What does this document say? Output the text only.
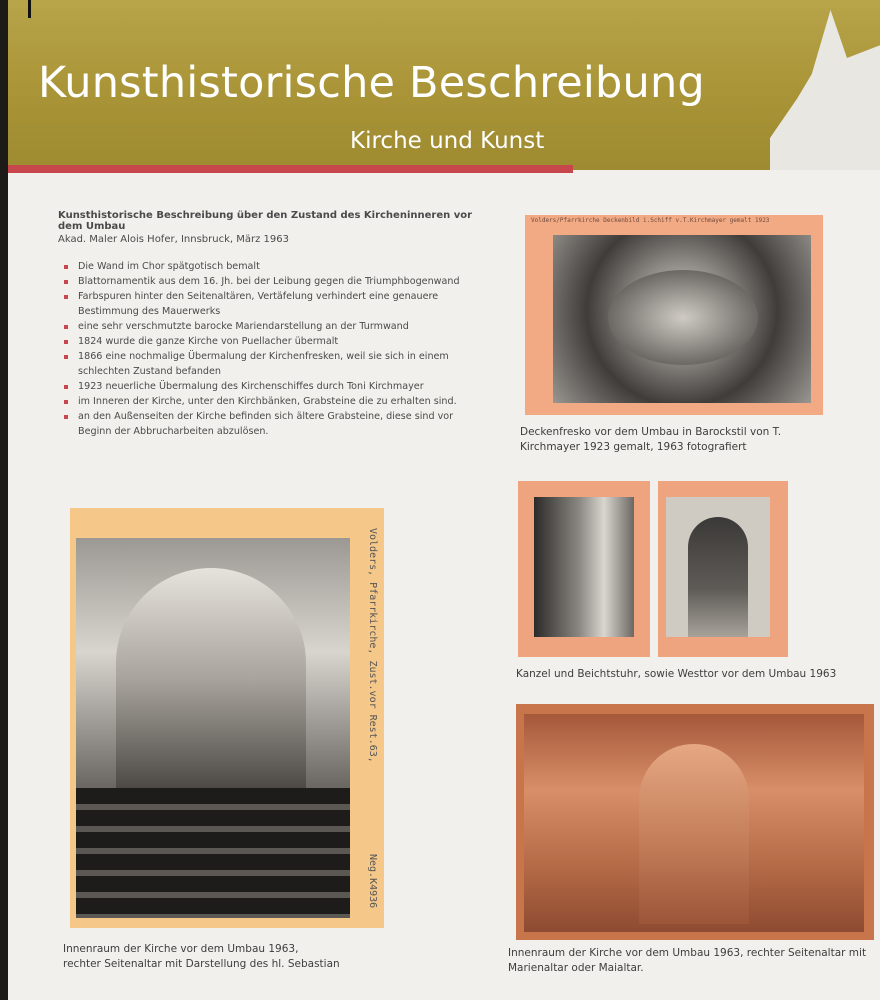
Kunsthistorische Beschreibung
Kirche und Kunst

Kunsthistorische Beschreibung über den Zustand des Kircheninneren vor dem Umbau

Akad. Maler Alois Hofer, Innsbruck, März 1963

Die Wand im Chor spätgotisch bemalt
Blattornamentik aus dem 16. Jh. bei der Leibung gegen die Triumphbogenwand
Farbspuren hinter den Seitenaltären, Vertäfelung verhindert eine genauere Bestimmung des Mauerwerks
eine sehr verschmutzte barocke Mariendarstellung an der Turmwand
1824 wurde die ganze Kirche von Puellacher übermalt
1866 eine nochmalige Übermalung der Kirchenfresken, weil sie sich in einem schlechten Zustand befanden
1923 neuerliche Übermalung des Kirchenschiffes durch Toni Kirchmayer
im Inneren der Kirche, unter den Kirchbänken, Grabsteine die zu erhalten sind.
an den Außenseiten der Kirche befinden sich ältere Grabsteine, diese sind vor Beginn der Abbrucharbeiten abzulösen.
Volders/Pfarrkirche Deckenbild i.Schiff v.T.Kirchmayer gemalt 1923
Deckenfresko vor dem Umbau in Barockstil von T.
Kirchmayer 1923 gemalt, 1963 fotografiert
Kanzel und Beichtstuhr, sowie Westtor vor dem Umbau 1963
Volders, Pfarrkirche, Zust.vor Rest.63,
Neg.K4936
Innenraum der Kirche vor dem Umbau 1963,
rechter Seitenaltar mit Darstellung des hl. Sebastian
Innenraum der Kirche vor dem Umbau 1963, rechter Seitenaltar mit
Marienaltar oder Maialtar.
